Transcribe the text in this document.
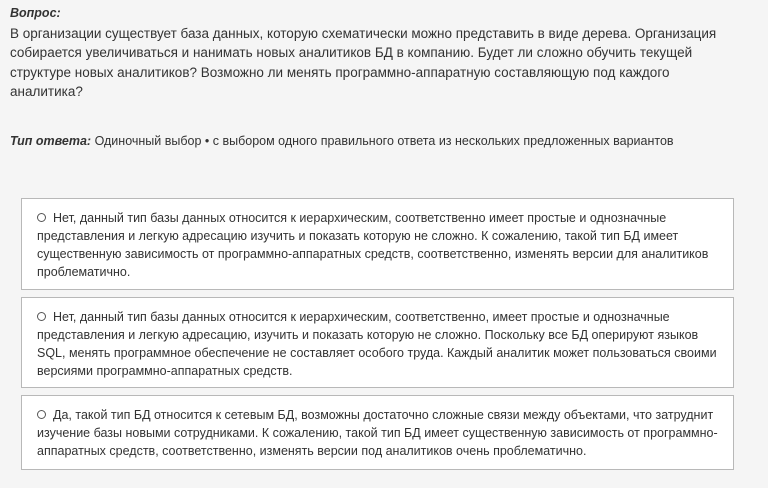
Вопрос:
В организации существует база данных, которую схематически можно представить в виде дерева. Организация собирается увеличиваться и нанимать новых аналитиков БД в компанию. Будет ли сложно обучить текущей структуре новых аналитиков? Возможно ли менять программно-аппаратную составляющую под каждого аналитика?
Тип ответа: Одиночный выбор • с выбором одного правильного ответа из нескольких предложенных вариантов
Нет, данный тип базы данных относится к иерархическим, соответственно имеет простые и однозначные представления и легкую адресацию изучить и показать которую не сложно. К сожалению, такой тип БД имеет существенную зависимость от программно-аппаратных средств, соответственно, изменять версии для аналитиков проблематично.
Нет, данный тип базы данных относится к иерархическим, соответственно, имеет простые и однозначные представления и легкую адресацию, изучить и показать которую не сложно. Поскольку все БД оперируют языков SQL, менять программное обеспечение не составляет особого труда. Каждый аналитик может пользоваться своими версиями программно-аппаратных средств.
Да, такой тип БД относится к сетевым БД, возможны достаточно сложные связи между объектами, что затруднит изучение базы новыми сотрудниками. К сожалению, такой тип БД имеет существенную зависимость от программно-аппаратных средств, соответственно, изменять версии под аналитиков очень проблематично.
